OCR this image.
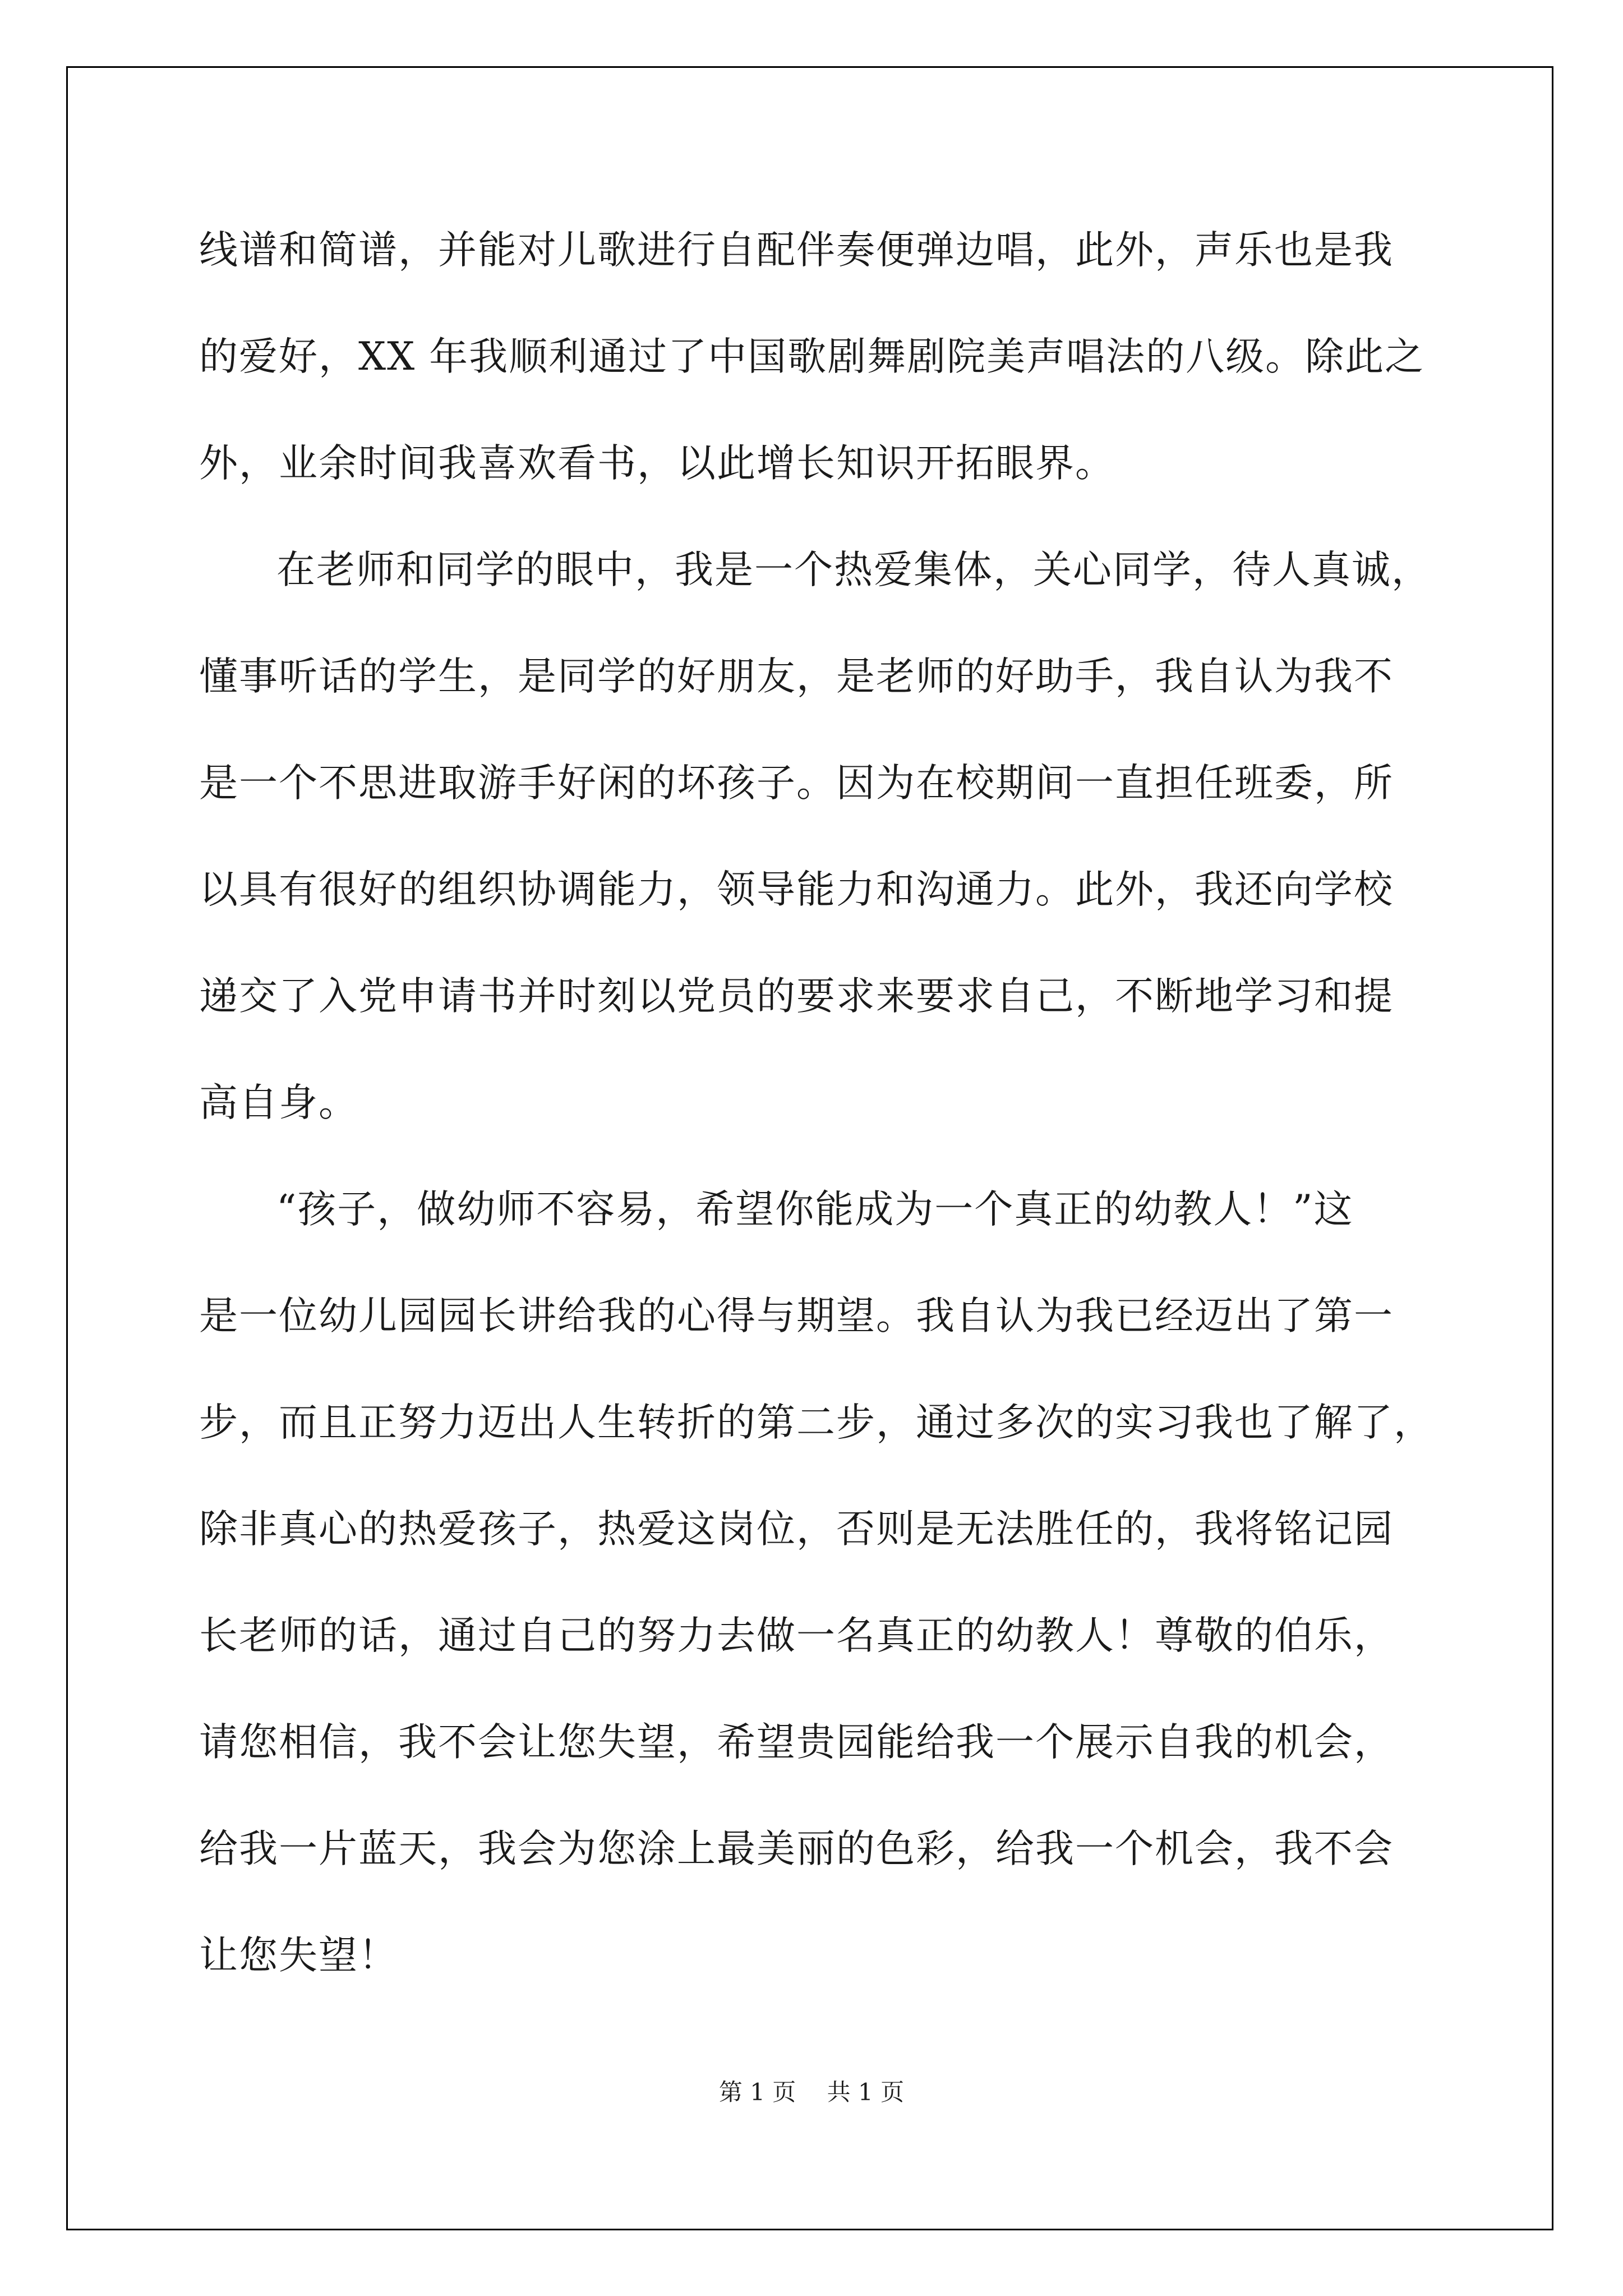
线谱和简谱，并能对儿歌进行自配伴奏便弹边唱，此外，声乐也是我

的爱好，XX 年我顺利通过了中国歌剧舞剧院美声唱法的八级。除此之

外，业余时间我喜欢看书，以此增长知识开拓眼界。

在老师和同学的眼中，我是一个热爱集体，关心同学，待人真诚，

懂事听话的学生，是同学的好朋友，是老师的好助手，我自认为我不

是一个不思进取游手好闲的坏孩子。因为在校期间一直担任班委，所

以具有很好的组织协调能力，领导能力和沟通力。此外，我还向学校

递交了入党申请书并时刻以党员的要求来要求自己，不断地学习和提

高自身。

“孩子，做幼师不容易，希望你能成为一个真正的幼教人！”这

是一位幼儿园园长讲给我的心得与期望。我自认为我已经迈出了第一

步，而且正努力迈出人生转折的第二步，通过多次的实习我也了解了，

除非真心的热爱孩子，热爱这岗位，否则是无法胜任的，我将铭记园

长老师的话，通过自己的努力去做一名真正的幼教人！尊敬的伯乐，

请您相信，我不会让您失望，希望贵园能给我一个展示自我的机会，

给我一片蓝天，我会为您涂上最美丽的色彩，给我一个机会，我不会

让您失望！

第 1 页 共 1 页
